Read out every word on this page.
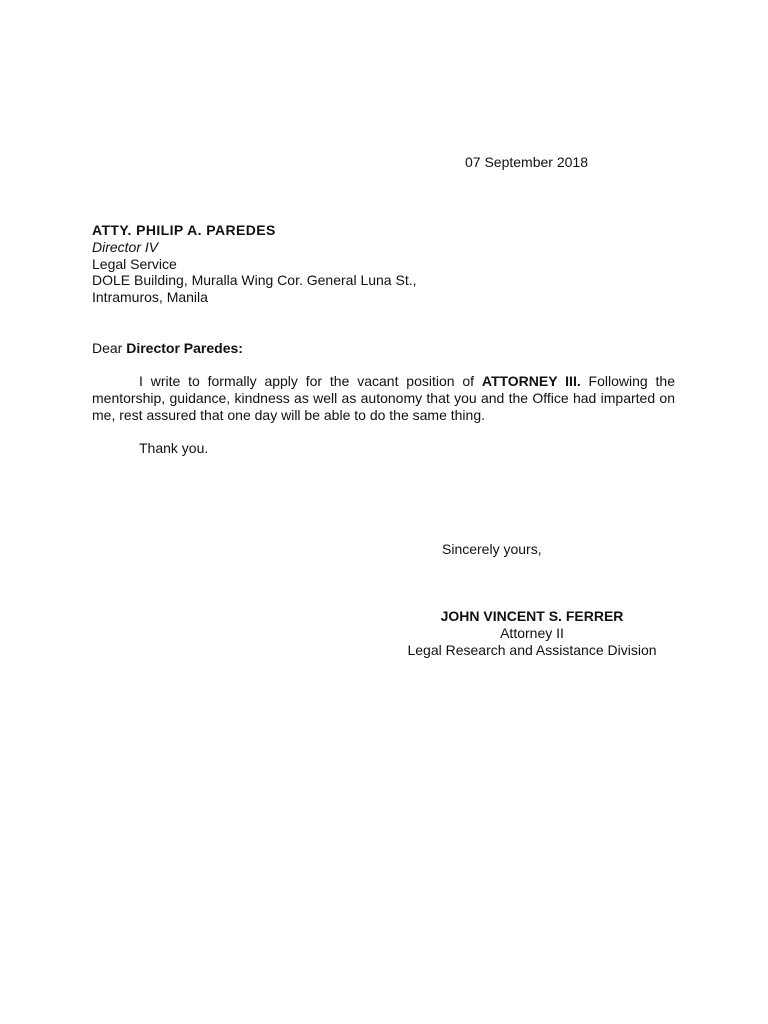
07 September 2018
ATTY. PHILIP A. PAREDES
Director IV
Legal Service
DOLE Building, Muralla Wing Cor. General Luna St.,
Intramuros, Manila
Dear Director Paredes:

I write to formally apply for the vacant position of ATTORNEY III. Following the mentorship, guidance, kindness as well as autonomy that you and the Office had imparted on me, rest assured that one day will be able to do the same thing.

Thank you.
Sincerely yours,
JOHN VINCENT S. FERRER
Attorney II
Legal Research and Assistance Division
